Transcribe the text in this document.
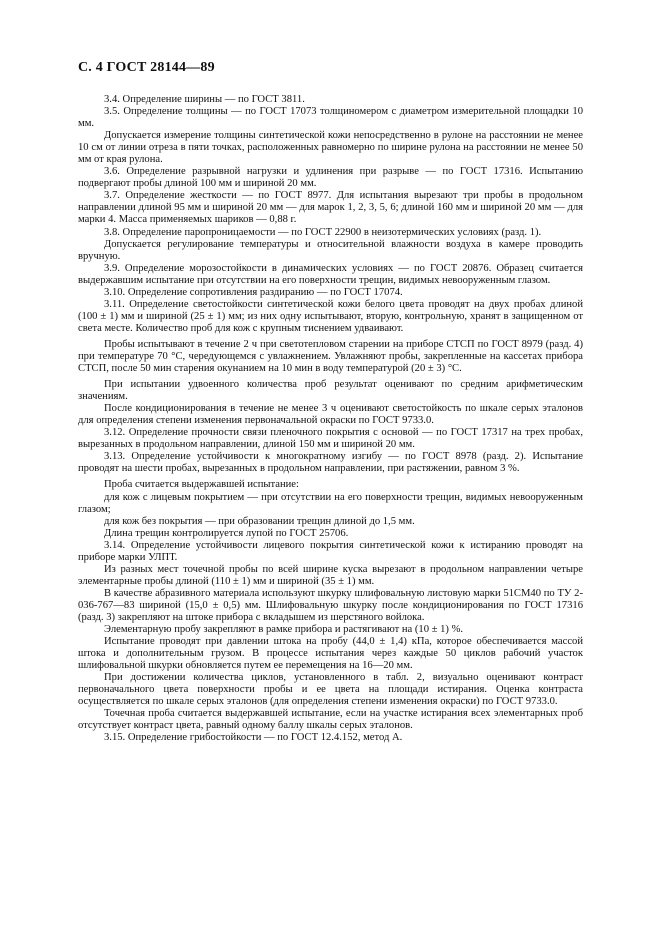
С. 4 ГОСТ 28144—89

3.4. Определение ширины — по ГОСТ 3811.

3.5. Определение толщины — по ГОСТ 17073 толщиномером с диаметром измерительной площадки 10 мм.

Допускается измерение толщины синтетической кожи непосредственно в рулоне на расстоянии не менее 10 см от линии отреза в пяти точках, расположенных равномерно по ширине рулона на расстоянии не менее 50 мм от края рулона.

3.6. Определение разрывной нагрузки и удлинения при разрыве — по ГОСТ 17316. Испытанию подвергают пробы длиной 100 мм и шириной 20 мм.

3.7. Определение жесткости — по ГОСТ 8977. Для испытания вырезают три пробы в продольном направлении длиной 95 мм и шириной 20 мм — для марок 1, 2, 3, 5, 6; длиной 160 мм и шириной 20 мм — для марки 4. Масса применяемых шариков — 0,88 г.

3.8. Определение паропроницаемости — по ГОСТ 22900 в неизотермических условиях (разд. 1).

Допускается регулирование температуры и относительной влажности воздуха в камере проводить вручную.

3.9. Определение морозостойкости в динамических условиях — по ГОСТ 20876. Образец считается выдержавшим испытание при отсутствии на его поверхности трещин, видимых невооруженным глазом.

3.10. Определение сопротивления раздиранию — по ГОСТ 17074.

3.11. Определение светостойкости синтетической кожи белого цвета проводят на двух пробах длиной (100 ± 1) мм и шириной (25 ± 1) мм; из них одну испытывают, вторую, контрольную, хранят в защищенном от света месте. Количество проб для кож с крупным тиснением удваивают.

Пробы испытывают в течение 2 ч при светотепловом старении на приборе СТСП по ГОСТ 8979 (разд. 4) при температуре 70 °С, чередующемся с увлажнением. Увлажняют пробы, закрепленные на кассетах прибора СТСП, после 50 мин старения окунанием на 10 мин в воду температурой (20 ± 3) °С.

При испытании удвоенного количества проб результат оценивают по средним арифметическим значениям.

После кондиционирования в течение не менее 3 ч оценивают светостойкость по шкале серых эталонов для определения степени изменения первоначальной окраски по ГОСТ 9733.0.

3.12. Определение прочности связи пленочного покрытия с основой — по ГОСТ 17317 на трех пробах, вырезанных в продольном направлении, длиной 150 мм и шириной 20 мм.

3.13. Определение устойчивости к многократному изгибу — по ГОСТ 8978 (разд. 2). Испытание проводят на шести пробах, вырезанных в продольном направлении, при растяжении, равном 3 %.

Проба считается выдержавшей испытание:

для кож с лицевым покрытием — при отсутствии на его поверхности трещин, видимых невооруженным глазом;

для кож без покрытия — при образовании трещин длиной до 1,5 мм.

Длина трещин контролируется лупой по ГОСТ 25706.

3.14. Определение устойчивости лицевого покрытия синтетической кожи к истиранию проводят на приборе марки УЛПТ.

Из разных мест точечной пробы по всей ширине куска вырезают в продольном направлении четыре элементарные пробы длиной (110 ± 1) мм и шириной (35 ± 1) мм.

В качестве абразивного материала используют шкурку шлифовальную листовую марки 51СМ40 по ТУ 2-036-767—83 шириной (15,0 ± 0,5) мм. Шлифовальную шкурку после кондиционирования по ГОСТ 17316 (разд. 3) закрепляют на штоке прибора с вкладышем из шерстяного войлока.

Элементарную пробу закрепляют в рамке прибора и растягивают на (10 ± 1) %.

Испытание проводят при давлении штока на пробу (44,0 ± 1,4) кПа, которое обеспечивается массой штока и дополнительным грузом. В процессе испытания через каждые 50 циклов рабочий участок шлифовальной шкурки обновляется путем ее перемещения на 16—20 мм.

При достижении количества циклов, установленного в табл. 2, визуально оценивают контраст первоначального цвета поверхности пробы и ее цвета на площади истирания. Оценка контраста осуществляется по шкале серых эталонов (для определения степени изменения окраски) по ГОСТ 9733.0.

Точечная проба считается выдержавшей испытание, если на участке истирания всех элементарных проб отсутствует контраст цвета, равный одному баллу шкалы серых эталонов.

3.15. Определение грибостойкости — по ГОСТ 12.4.152, метод А.
